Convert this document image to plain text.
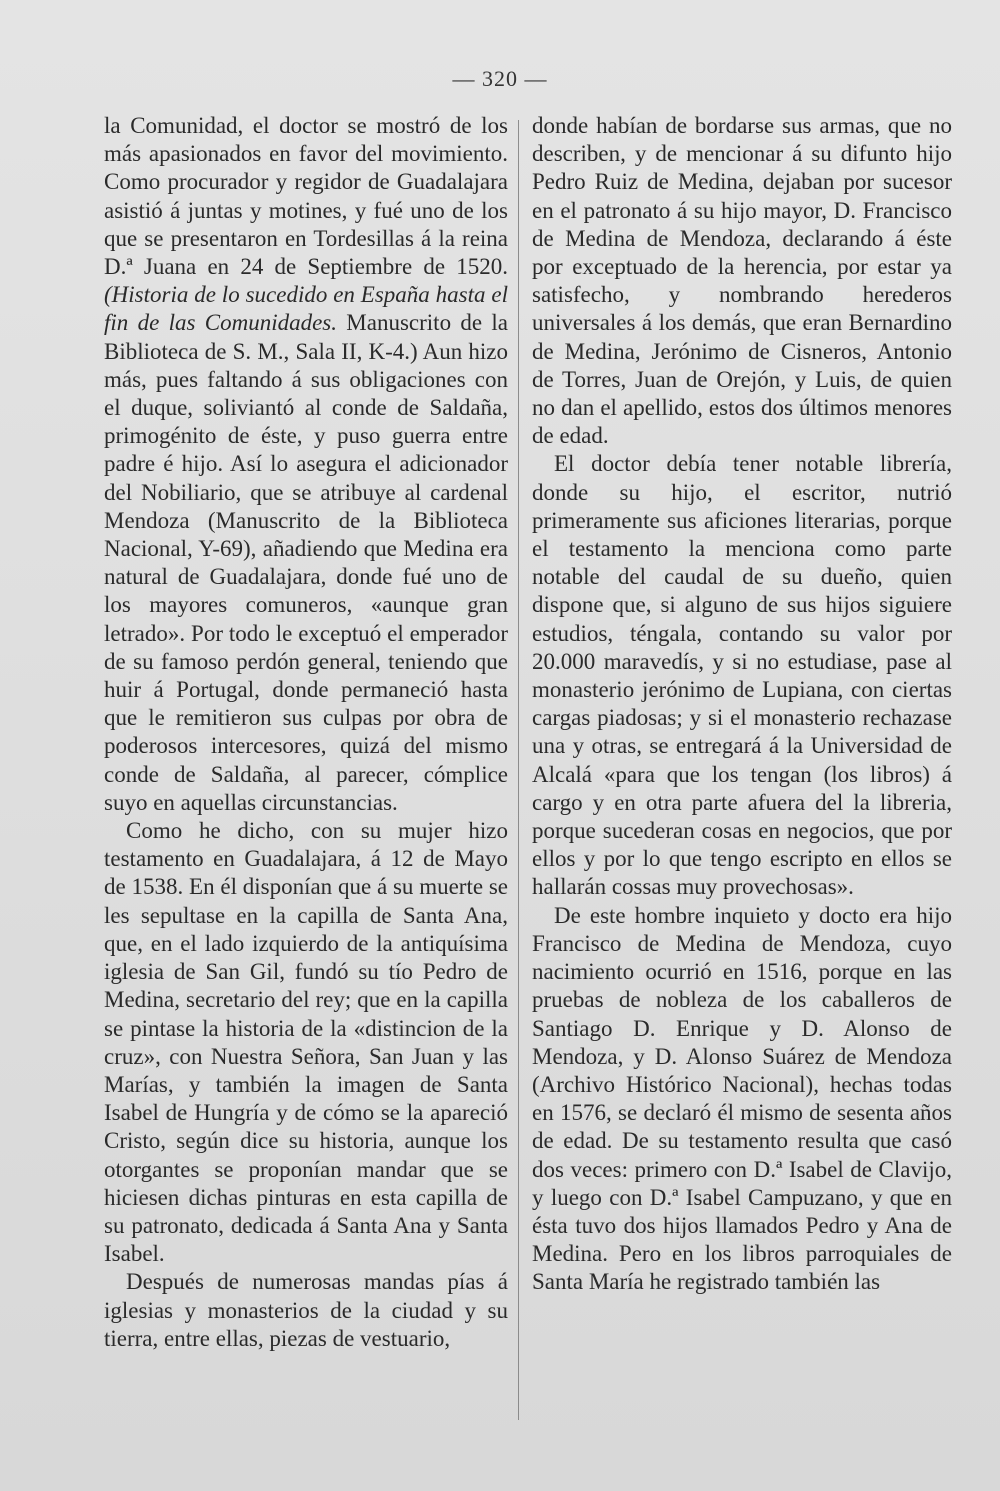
— 320 —

la Comunidad, el doctor se mostró de los más apasionados en favor del movimiento. Como procurador y regidor de Guadalajara asistió á juntas y motines, y fué uno de los que se presentaron en Tordesillas á la reina D.ª Juana en 24 de Septiembre de 1520. (Historia de lo sucedido en España hasta el fin de las Comunidades. Manuscrito de la Biblioteca de S. M., Sala II, K-4.) Aun hizo más, pues faltando á sus obligaciones con el duque, soliviantó al conde de Saldaña, primogénito de éste, y puso guerra entre padre é hijo. Así lo asegura el adicionador del Nobiliario, que se atribuye al cardenal Mendoza (Manuscrito de la Biblioteca Nacional, Y-69), añadiendo que Medina era natural de Guadalajara, donde fué uno de los mayores comuneros, «aunque gran letrado». Por todo le exceptuó el emperador de su famoso perdón general, teniendo que huir á Portugal, donde permaneció hasta que le remitieron sus culpas por obra de poderosos intercesores, quizá del mismo conde de Saldaña, al parecer, cómplice suyo en aquellas circunstancias.

Como he dicho, con su mujer hizo testamento en Guadalajara, á 12 de Mayo de 1538. En él disponían que á su muerte se les sepultase en la capilla de Santa Ana, que, en el lado izquierdo de la antiquísima iglesia de San Gil, fundó su tío Pedro de Medina, secretario del rey; que en la capilla se pintase la historia de la «distincion de la cruz», con Nuestra Señora, San Juan y las Marías, y también la imagen de Santa Isabel de Hungría y de cómo se la apareció Cristo, según dice su historia, aunque los otorgantes se proponían mandar que se hiciesen dichas pinturas en esta capilla de su patronato, dedicada á Santa Ana y Santa Isabel.

Después de numerosas mandas pías á iglesias y monasterios de la ciudad y su tierra, entre ellas, piezas de vestuario,

donde habían de bordarse sus armas, que no describen, y de mencionar á su difunto hijo Pedro Ruiz de Medina, dejaban por sucesor en el patronato á su hijo mayor, D. Francisco de Medina de Mendoza, declarando á éste por exceptuado de la herencia, por estar ya satisfecho, y nombrando herederos universales á los demás, que eran Bernardino de Medina, Jerónimo de Cisneros, Antonio de Torres, Juan de Orejón, y Luis, de quien no dan el apellido, estos dos últimos menores de edad.

El doctor debía tener notable librería, donde su hijo, el escritor, nutrió primeramente sus aficiones literarias, porque el testamento la menciona como parte notable del caudal de su dueño, quien dispone que, si alguno de sus hijos siguiere estudios, téngala, contando su valor por 20.000 maravedís, y si no estudiase, pase al monasterio jerónimo de Lupiana, con ciertas cargas piadosas; y si el monasterio rechazase una y otras, se entregará á la Universidad de Alcalá «para que los tengan (los libros) á cargo y en otra parte afuera del la libreria, porque sucederan cosas en negocios, que por ellos y por lo que tengo escripto en ellos se hallarán cossas muy provechosas».

De este hombre inquieto y docto era hijo Francisco de Medina de Mendoza, cuyo nacimiento ocurrió en 1516, porque en las pruebas de nobleza de los caballeros de Santiago D. Enrique y D. Alonso de Mendoza, y D. Alonso Suárez de Mendoza (Archivo Histórico Nacional), hechas todas en 1576, se declaró él mismo de sesenta años de edad. De su testamento resulta que casó dos veces: primero con D.ª Isabel de Clavijo, y luego con D.ª Isabel Campuzano, y que en ésta tuvo dos hijos llamados Pedro y Ana de Medina. Pero en los libros parroquiales de Santa María he registrado también las
